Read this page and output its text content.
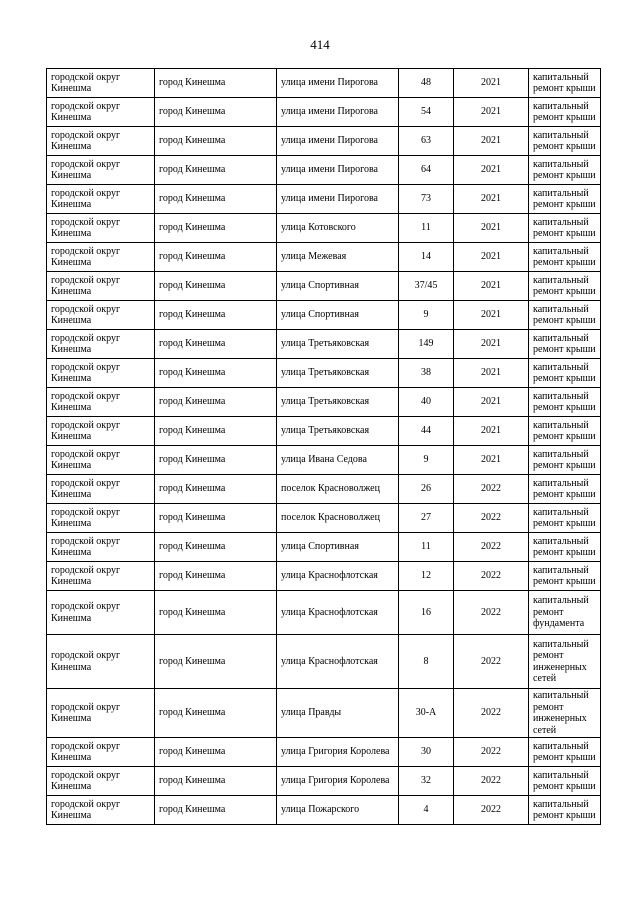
414
городской округ Кинешма	город Кинешма	улица имени Пирогова	48	2021	капитальный ремонт крыши
городской округ Кинешма	город Кинешма	улица имени Пирогова	54	2021	капитальный ремонт крыши
городской округ Кинешма	город Кинешма	улица имени Пирогова	63	2021	капитальный ремонт крыши
городской округ Кинешма	город Кинешма	улица имени Пирогова	64	2021	капитальный ремонт крыши
городской округ Кинешма	город Кинешма	улица имени Пирогова	73	2021	капитальный ремонт крыши
городской округ Кинешма	город Кинешма	улица Котовского	11	2021	капитальный ремонт крыши
городской округ Кинешма	город Кинешма	улица Межевая	14	2021	капитальный ремонт крыши
городской округ Кинешма	город Кинешма	улица Спортивная	37/45	2021	капитальный ремонт крыши
городской округ Кинешма	город Кинешма	улица Спортивная	9	2021	капитальный ремонт крыши
городской округ Кинешма	город Кинешма	улица Третьяковская	149	2021	капитальный ремонт крыши
городской округ Кинешма	город Кинешма	улица Третьяковская	38	2021	капитальный ремонт крыши
городской округ Кинешма	город Кинешма	улица Третьяковская	40	2021	капитальный ремонт крыши
городской округ Кинешма	город Кинешма	улица Третьяковская	44	2021	капитальный ремонт крыши
городской округ Кинешма	город Кинешма	улица Ивана Седова	9	2021	капитальный ремонт крыши
городской округ Кинешма	город Кинешма	поселок Красноволжец	26	2022	капитальный ремонт крыши
городской округ Кинешма	город Кинешма	поселок Красноволжец	27	2022	капитальный ремонт крыши
городской округ Кинешма	город Кинешма	улица Спортивная	11	2022	капитальный ремонт крыши
городской округ Кинешма	город Кинешма	улица Краснофлотская	12	2022	капитальный ремонт крыши
городской округ Кинешма	город Кинешма	улица Краснофлотская	16	2022	капитальный ремонт фундамента
городской округ Кинешма	город Кинешма	улица Краснофлотская	8	2022	капитальный ремонт инженерных сетей
городской округ Кинешма	город Кинешма	улица Правды	30-А	2022	капитальный ремонт инженерных сетей
городской округ Кинешма	город Кинешма	улица Григория Королева	30	2022	капитальный ремонт крыши
городской округ Кинешма	город Кинешма	улица Григория Королева	32	2022	капитальный ремонт крыши
городской округ Кинешма	город Кинешма	улица Пожарского	4	2022	капитальный ремонт крыши
